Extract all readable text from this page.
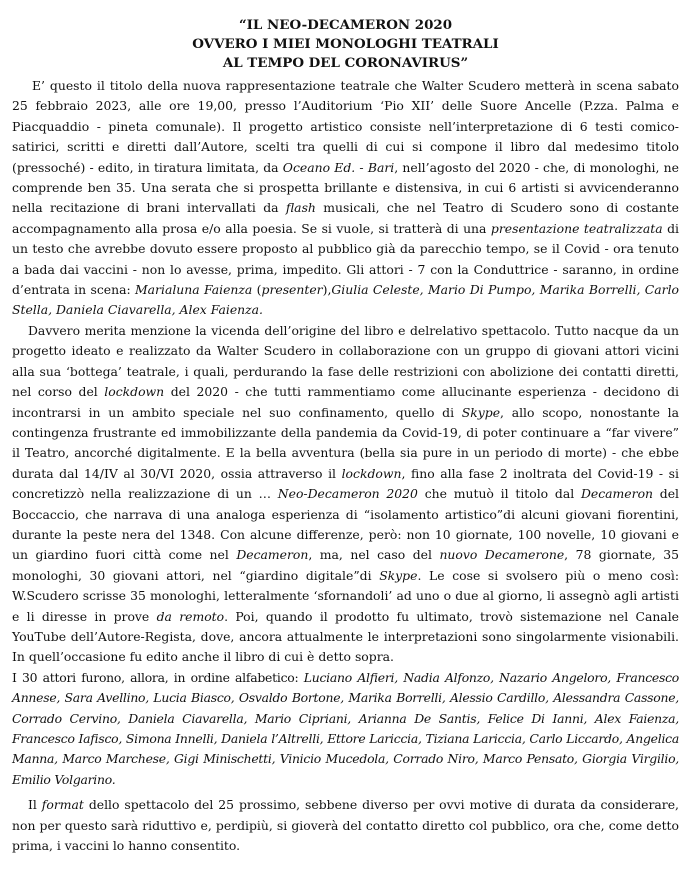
“IL NEO-DECAMERON 2020
OVVERO I MIEI MONOLOGHI TEATRALI
AL TEMPO DEL CORONAVIRUS”

E’ questo il titolo della nuova rappresentazione teatrale che Walter Scudero metterà in scena sabato 25 febbraio 2023, alle ore 19,00, presso l’Auditorium ‘Pio XII’ delle Suore Ancelle (P.zza. Palma e Piacquaddio - pineta comunale). Il progetto artistico consiste nell’interpretazione di 6 testi comico-satirici, scritti e diretti dall’Autore, scelti tra quelli di cui si compone il libro dal medesimo titolo (pressoché) - edito, in tiratura limitata, da Oceano Ed. - Bari, nell’agosto del 2020 - che, di monologhi, ne comprende ben 35. Una serata che si prospetta brillante e distensiva, in cui 6 artisti si avvicenderanno nella recitazione di brani intervallati da flash musicali, che nel Teatro di Scudero sono di costante accompagnamento alla prosa e/o alla poesia. Se si vuole, si tratterà di una presentazione teatralizzata di un testo che avrebbe dovuto essere proposto al pubblico già da parecchio tempo, se il Covid - ora tenuto a bada dai vaccini - non lo avesse, prima, impedito. Gli attori - 7 con la Conduttrice - saranno, in ordine d’entrata in scena: Marialuna Faienza (presenter),Giulia Celeste, Mario Di Pumpo, Marika Borrelli, Carlo Stella, Daniela Ciavarella, Alex Faienza.

Davvero merita menzione la vicenda dell’origine del libro e delrelativo spettacolo. Tutto nacque da un progetto ideato e realizzato da Walter Scudero in collaborazione con un gruppo di giovani attori vicini alla sua ‘bottega’ teatrale, i quali, perdurando la fase delle restrizioni con abolizione dei contatti diretti, nel corso del lockdown del 2020 - che tutti rammentiamo come allucinante esperienza - decidono di incontrarsi in un ambito speciale nel suo confinamento, quello di Skype, allo scopo, nonostante la contingenza frustrante ed immobilizzante della pandemia da Covid-19, di poter continuare a “far vivere” il Teatro, ancorché digitalmente. E la bella avventura (bella sia pure in un periodo di morte) - che ebbe durata dal 14/IV al 30/VI 2020, ossia attraverso il lockdown, fino alla fase 2 inoltrata del Covid-19 - si concretizzò nella realizzazione di un … Neo-Decameron 2020 che mutuò il titolo dal Decameron del Boccaccio, che narrava di una analoga esperienza di “isolamento artistico”di alcuni giovani fiorentini, durante la peste nera del 1348. Con alcune differenze, però: non 10 giornate, 100 novelle, 10 giovani e un giardino fuori città come nel Decameron, ma, nel caso del nuovo Decamerone, 78 giornate, 35 monologhi, 30 giovani attori, nel “giardino digitale”di Skype. Le cose si svolsero più o meno così: W.Scudero scrisse 35 monologhi, letteralmente ‘sfornandoli’ ad uno o due al giorno, li assegnò agli artisti e li diresse in prove da remoto. Poi, quando il prodotto fu ultimato, trovò sistemazione nel Canale YouTube dell’Autore-Regista, dove, ancora attualmente le interpretazioni sono singolarmente visionabili. In quell’occasione fu edito anche il libro di cui è detto sopra.

I 30 attori furono, allora, in ordine alfabetico: Luciano Alfieri, Nadia Alfonzo, Nazario Angeloro, Francesco Annese, Sara Avellino, Lucia Biasco, Osvaldo Bortone, Marika Borrelli, Alessio Cardillo, Alessandra Cassone, Corrado Cervino, Daniela Ciavarella, Mario Cipriani, Arianna De Santis, Felice Di Ianni, Alex Faienza, Francesco Iafisco, Simona Innelli, Daniela l’Altrelli, Ettore Lariccia, Tiziana Lariccia, Carlo Liccardo, Angelica Manna, Marco Marchese, Gigi Minischetti, Vinicio Mucedola, Corrado Niro, Marco Pensato, Giorgia Virgilio, Emilio Volgarino.

Il format dello spettacolo del 25 prossimo, sebbene diverso per ovvi motive di durata da considerare, non per questo sarà riduttivo e, perdipiù, si gioverà del contatto diretto col pubblico, ora che, come detto prima, i vaccini lo hanno consentito.
